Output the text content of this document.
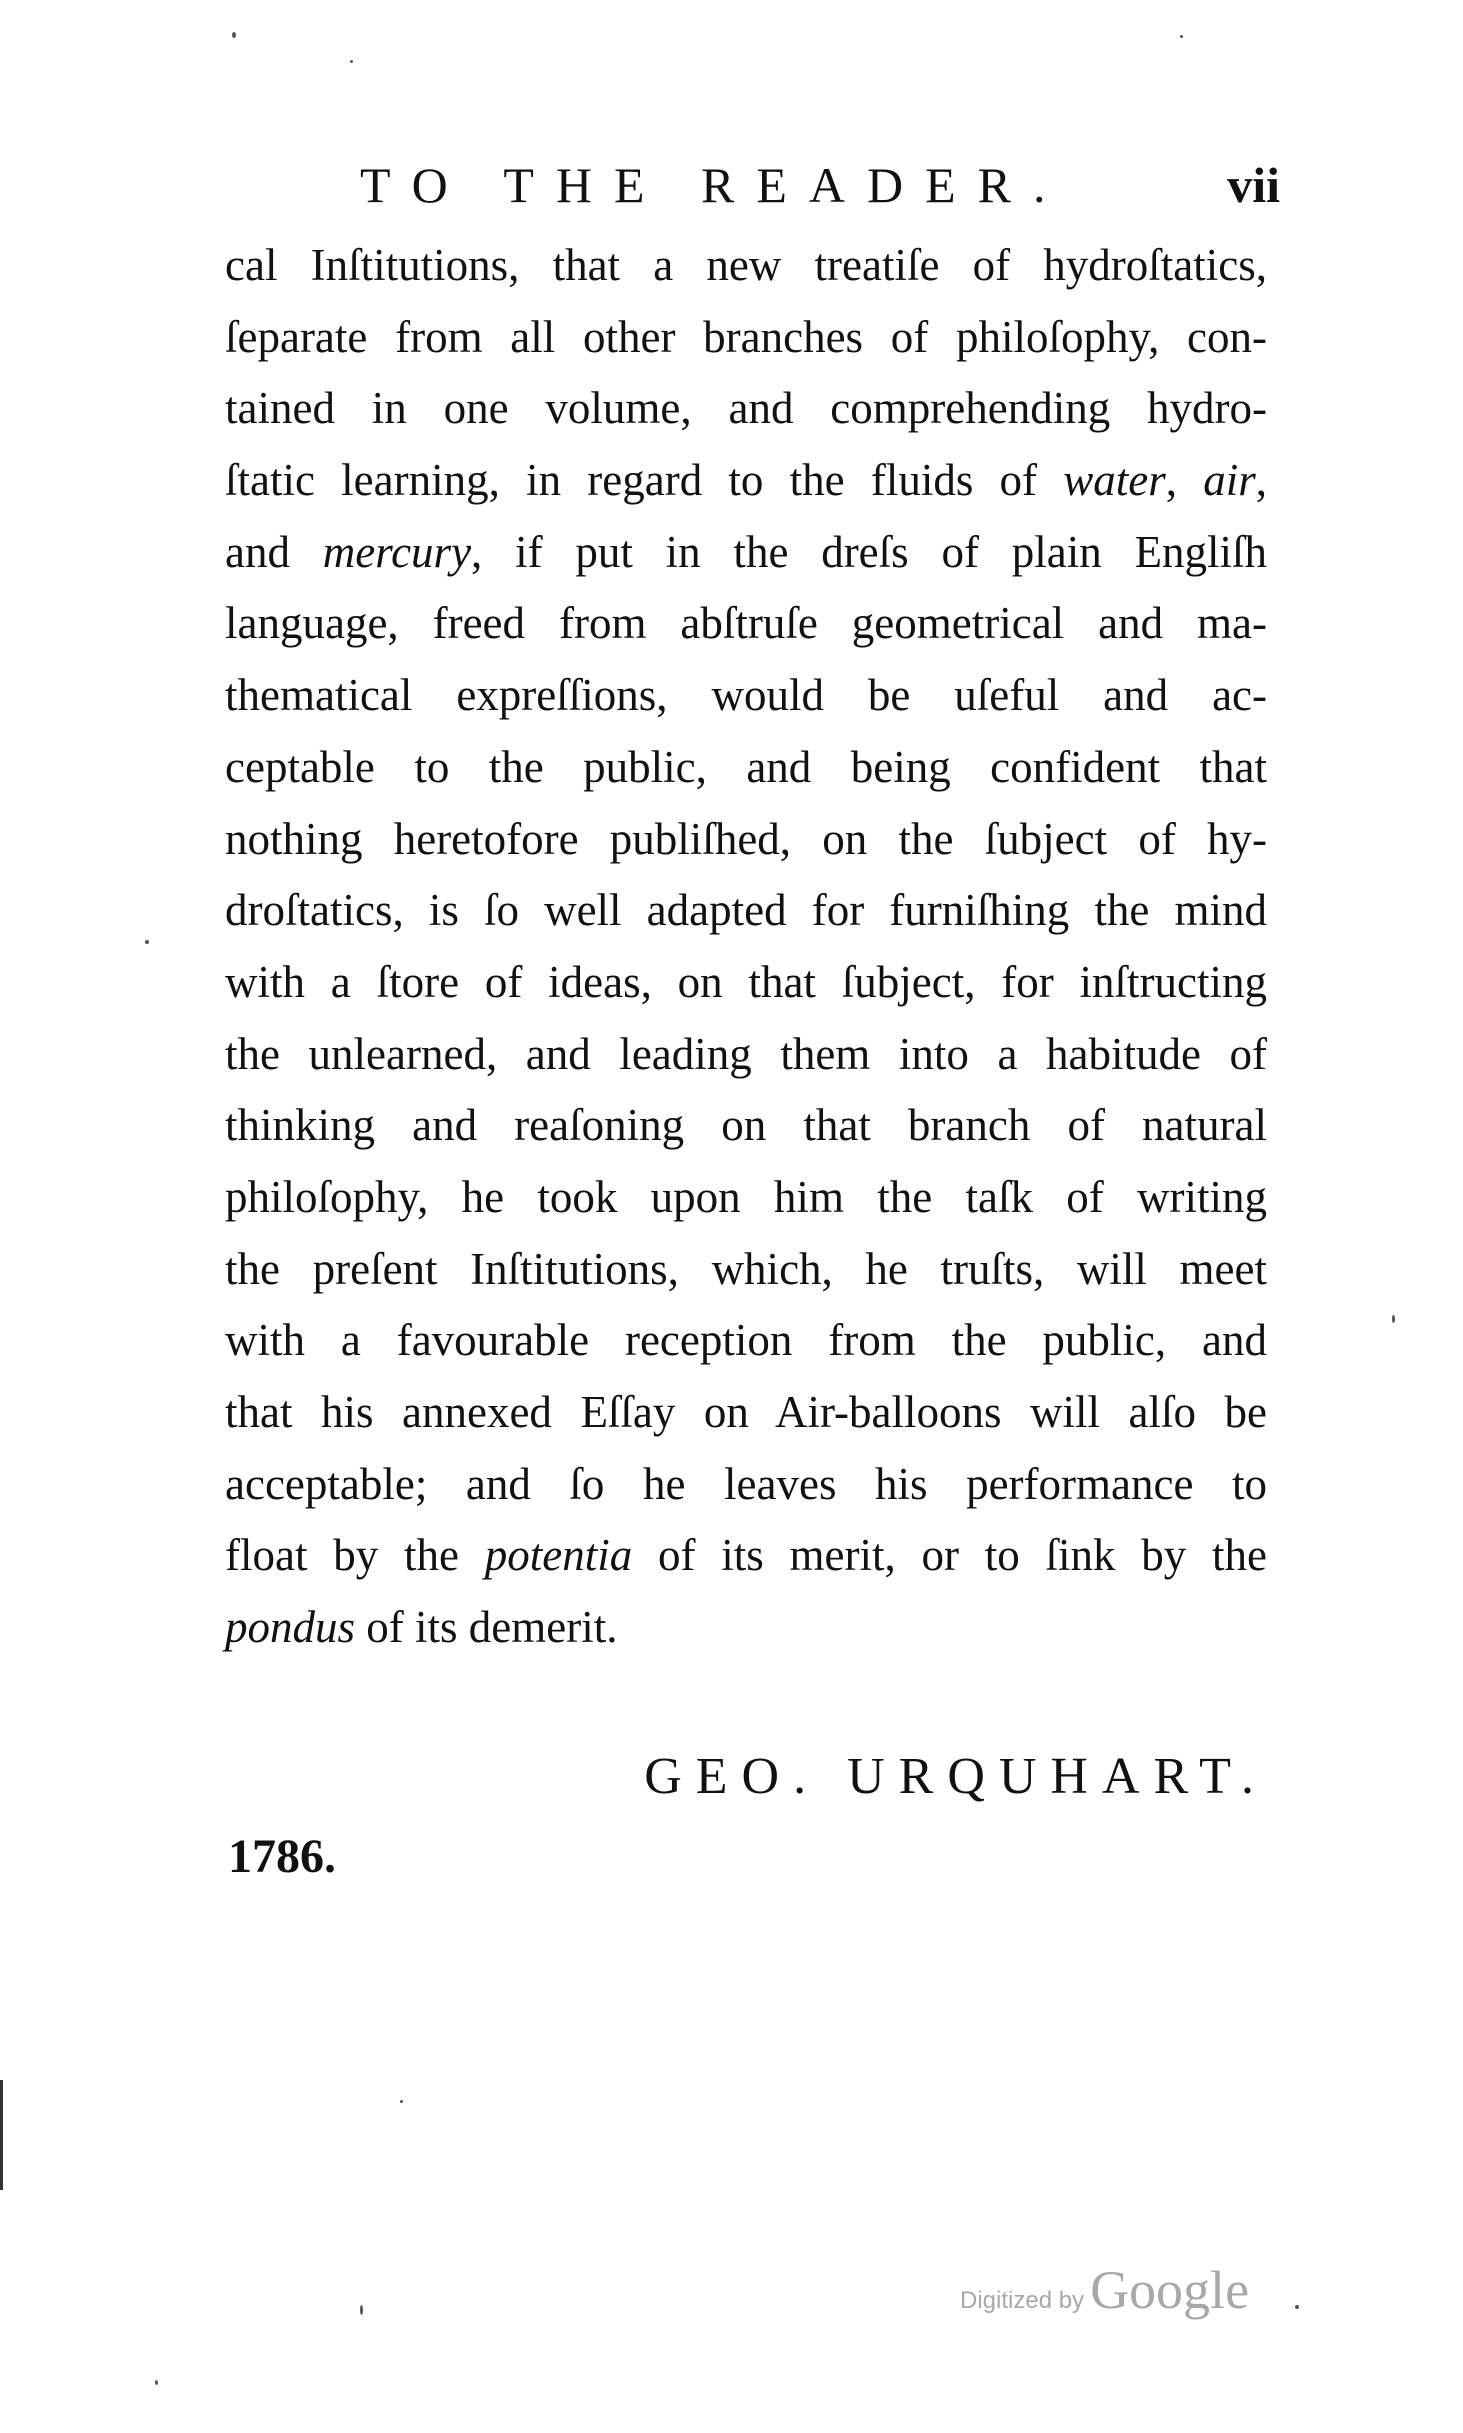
TO THE READER.	vii
cal Inſtitutions, that a new treatiſe of hydroſtatics,
ſeparate from all other branches of philoſophy, con-
tained in one volume, and comprehending hydro-
ſtatic learning, in regard to the fluids of water, air,
and mercury, if put in the dreſs of plain Engliſh
language, freed from abſtruſe geometrical and ma-
thematical expreſſions, would be uſeful and ac-
ceptable to the public, and being confident that
nothing heretofore publiſhed, on the ſubject of hy-
droſtatics, is ſo well adapted for furniſhing the mind
with a ſtore of ideas, on that ſubject, for inſtructing
the unlearned, and leading them into a habitude of
thinking and reaſoning on that branch of natural
philoſophy, he took upon him the taſk of writing
the preſent Inſtitutions, which, he truſts, will meet
with a favourable reception from the public, and
that his annexed Eſſay on Air-balloons will alſo be
acceptable; and ſo he leaves his performance to
float by the potentia of its merit, or to ſink by the
pondus of its demerit.
GEO. URQUHART.
1786.
Digitized by Google
